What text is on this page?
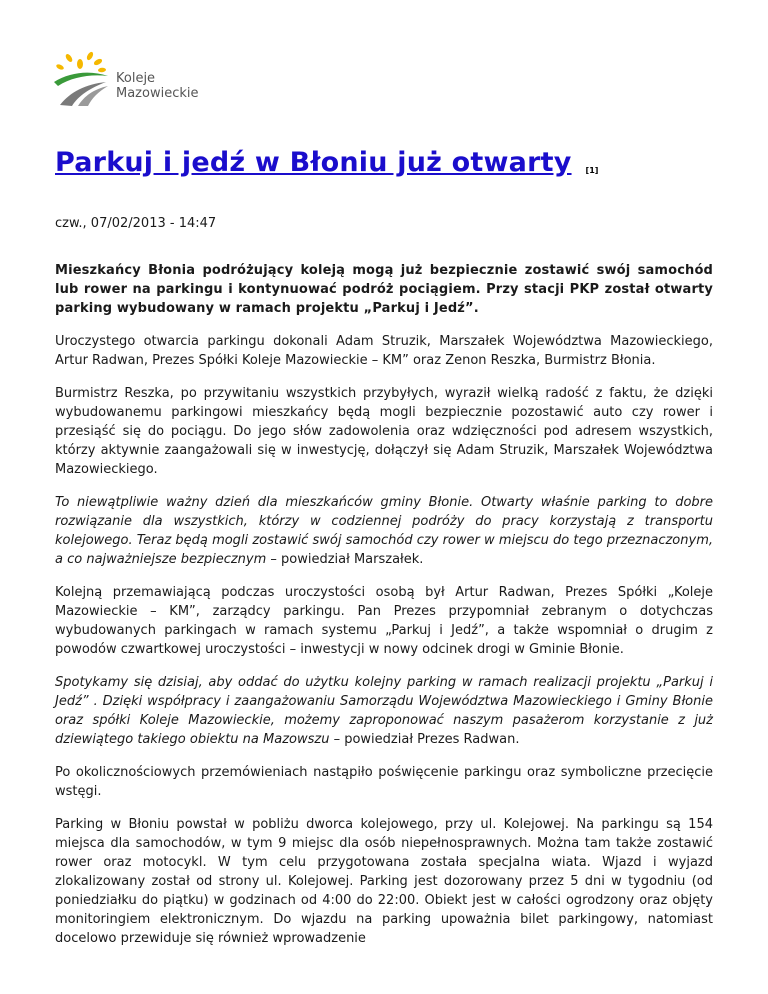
Koleje
Mazowieckie
Parkuj i jedź w Błoniu już otwarty [1]
czw., 07/02/2013 - 14:47

Mieszkańcy Błonia podróżujący koleją mogą już bezpiecznie zostawić swój samochód lub rower na parkingu i kontynuować podróż pociągiem. Przy stacji PKP został otwarty parking wybudowany w ramach projektu „Parkuj i Jedź”.

Uroczystego otwarcia parkingu dokonali Adam Struzik, Marszałek Województwa Mazowieckiego, Artur Radwan, Prezes Spółki Koleje Mazowieckie – KM” oraz Zenon Reszka, Burmistrz Błonia.

Burmistrz Reszka, po przywitaniu wszystkich przybyłych, wyraził wielką radość z faktu, że dzięki wybudowanemu parkingowi mieszkańcy będą mogli bezpiecznie pozostawić auto czy rower i przesiąść się do pociągu. Do jego słów zadowolenia oraz wdzięczności pod adresem wszystkich, którzy aktywnie zaangażowali się w inwestycję, dołączył się Adam Struzik, Marszałek Województwa Mazowieckiego.

To niewątpliwie ważny dzień dla mieszkańców gminy Błonie. Otwarty właśnie parking to dobre rozwiązanie dla wszystkich, którzy w codziennej podróży do pracy korzystają z transportu kolejowego. Teraz będą mogli zostawić swój samochód czy rower w miejscu do tego przeznaczonym, a co najważniejsze bezpiecznym – powiedział Marszałek.

Kolejną przemawiającą podczas uroczystości osobą był Artur Radwan, Prezes Spółki „Koleje Mazowieckie – KM”, zarządcy parkingu. Pan Prezes przypomniał zebranym o dotychczas wybudowanych parkingach w ramach systemu „Parkuj i Jedź”, a także wspomniał o drugim z powodów czwartkowej uroczystości – inwestycji w nowy odcinek drogi w Gminie Błonie.

Spotykamy się dzisiaj, aby oddać do użytku kolejny parking w ramach realizacji projektu „Parkuj i Jedź” . Dzięki współpracy i zaangażowaniu Samorządu Województwa Mazowieckiego i Gminy Błonie oraz spółki Koleje Mazowieckie, możemy zaproponować naszym pasażerom korzystanie z już dziewiątego takiego obiektu na Mazowszu – powiedział Prezes Radwan.

Po okolicznościowych przemówieniach nastąpiło poświęcenie parkingu oraz symboliczne przecięcie wstęgi.

Parking w Błoniu powstał w pobliżu dworca kolejowego, przy ul. Kolejowej. Na parkingu są 154 miejsca dla samochodów, w tym 9 miejsc dla osób niepełnosprawnych. Można tam także zostawić rower oraz motocykl. W tym celu przygotowana została specjalna wiata. Wjazd i wyjazd zlokalizowany został od strony ul. Kolejowej. Parking jest dozorowany przez 5 dni w tygodniu (od poniedziałku do piątku) w godzinach od 4:00 do 22:00. Obiekt jest w całości ogrodzony oraz objęty monitoringiem elektronicznym. Do wjazdu na parking upoważnia bilet parkingowy, natomiast docelowo przewiduje się również wprowadzenie
